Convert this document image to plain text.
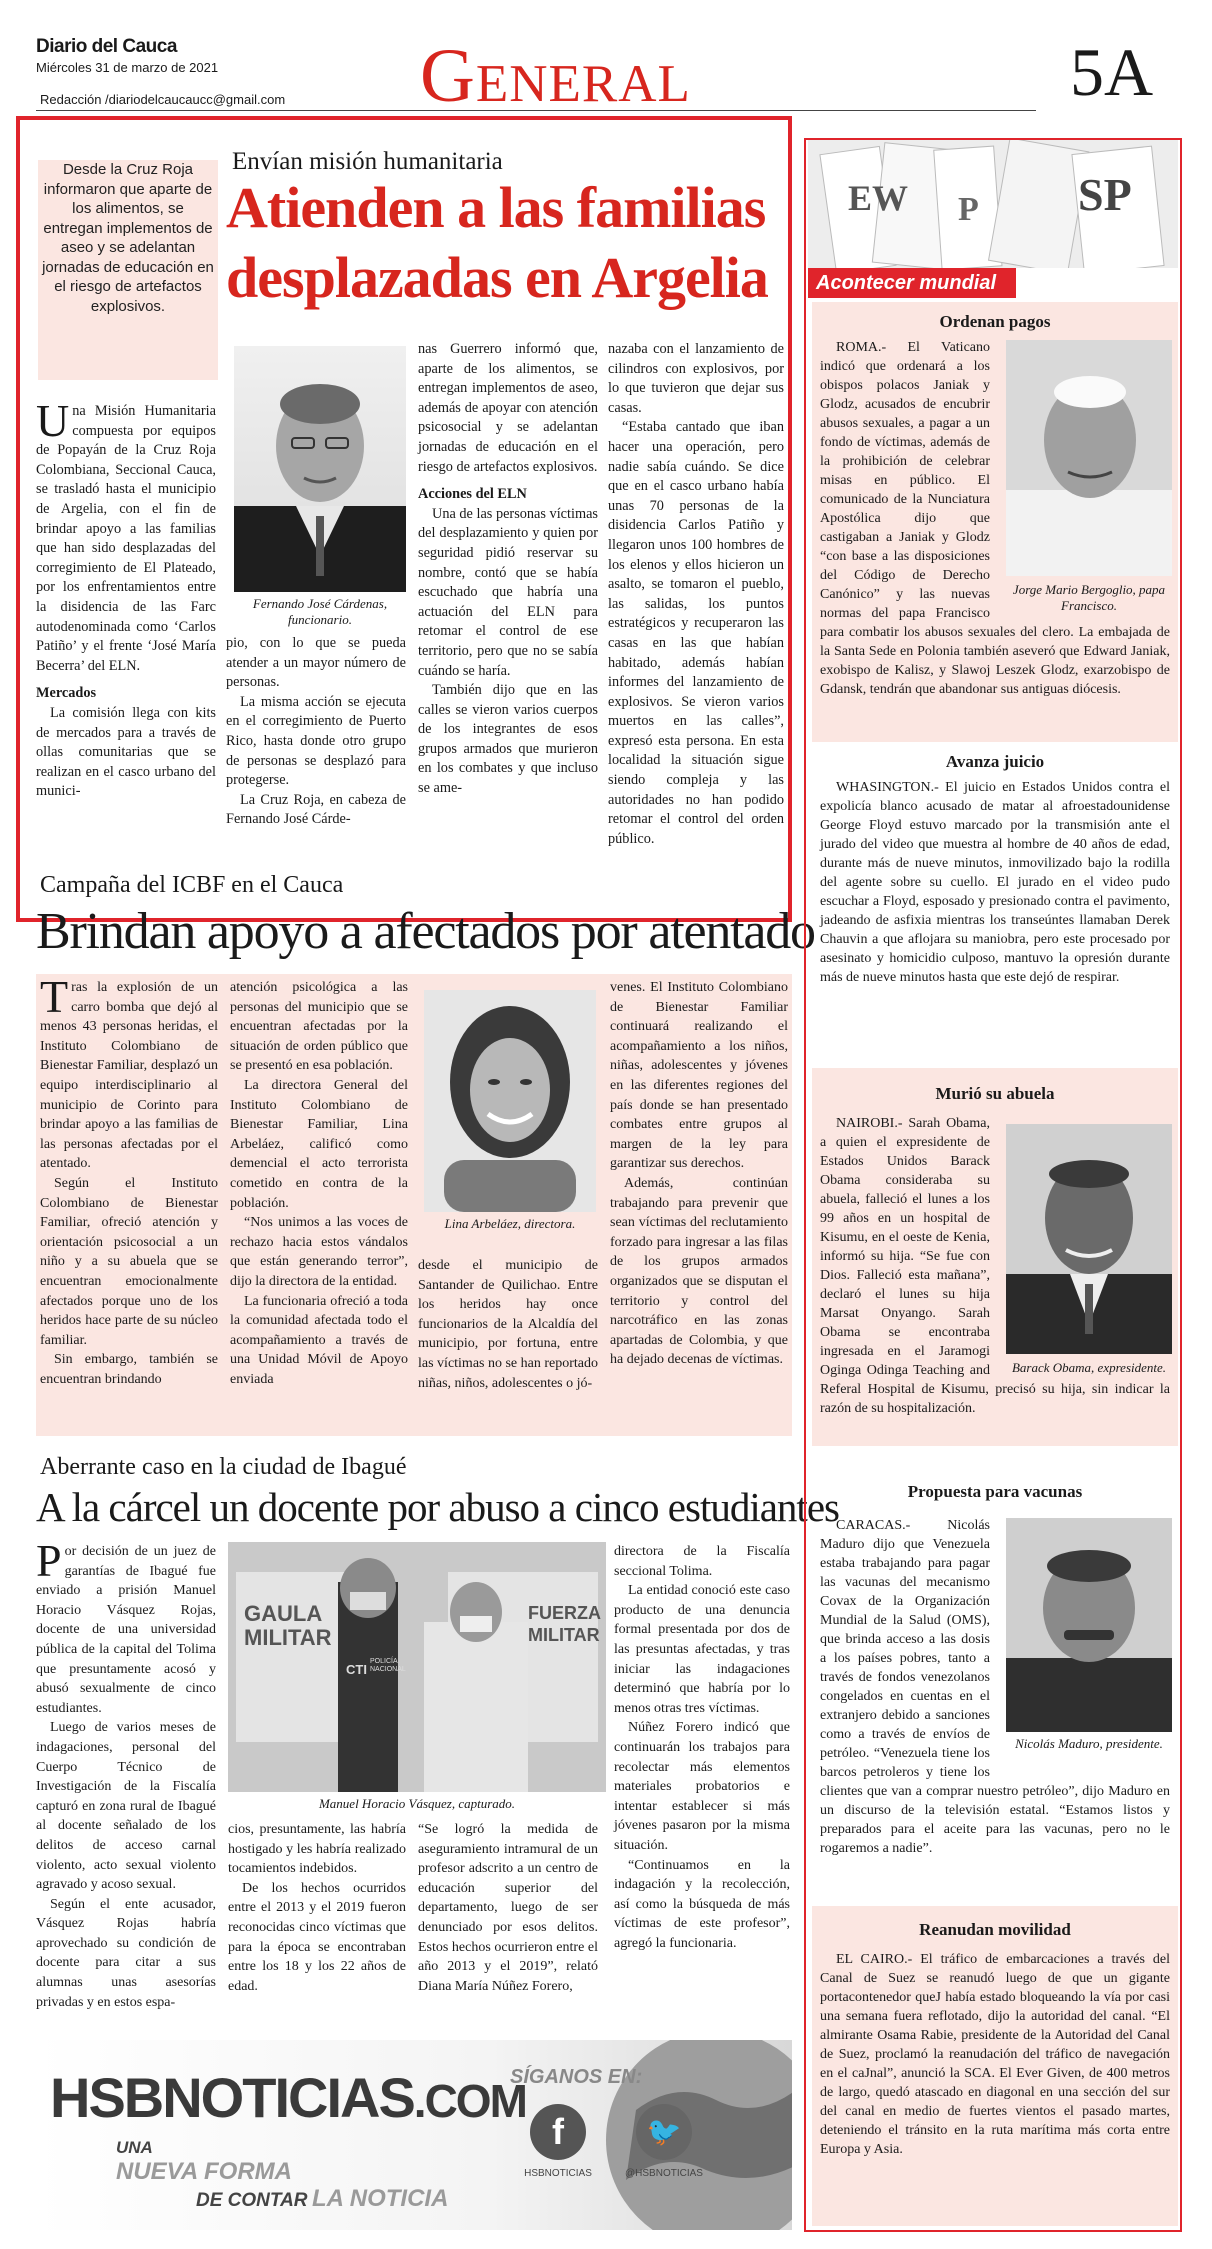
Diario del Cauca
Miércoles 31 de marzo de 2021
Redacción /diariodelcaucaucc@gmail.com General	5A
Desde la Cruz Roja informaron que aparte de los alimentos, se entregan implementos de aseo y se adelantan jornadas de educación en el riesgo de artefactos explosivos.
Envían misión humanitaria
Atienden a las familias
desplazadas en Argelia

Una Misión Humanitaria compuesta por equipos de Popayán de la Cruz Roja Colombiana, Seccional Cauca, se trasladó hasta el municipio de Argelia, con el fin de brindar apoyo a las familias que han sido desplazadas del corregimiento de El Plateado, por los enfrentamientos entre la disidencia de las Farc autodenominada como ‘Carlos Patiño’ y el frente ‘José María Becerra’ del ELN.

Mercados

La comisión llega con kits de mercados para a través de ollas comunitarias que se realizan en el casco urbano del munici-

Fernando José Cárdenas, funcionario.

pio, con lo que se pueda atender a un mayor número de personas.

La misma acción se ejecuta en el corregimiento de Puerto Rico, hasta donde otro grupo de personas se desplazó para protegerse.

La Cruz Roja, en cabeza de Fernando José Cárde-

nas Guerrero informó que, aparte de los alimentos, se entregan implementos de aseo, además de apoyar con atención psicosocial y se adelantan jornadas de educación en el riesgo de artefactos explosivos.

Acciones del ELN

Una de las personas víctimas del desplazamiento y quien por seguridad pidió reservar su nombre, contó que se había escuchado que habría una actuación del ELN para retomar el control de ese territorio, pero que no se sabía cuándo se haría.

También dijo que en las calles se vieron varios cuerpos de los integrantes de esos grupos armados que murieron en los combates y que incluso se ame-

nazaba con el lanzamiento de cilindros con explosivos, por lo que tuvieron que dejar sus casas.

“Estaba cantado que iban hacer una operación, pero nadie sabía cuándo. Se dice que en el casco urbano había unas 70 personas de la disidencia Carlos Patiño y llegaron unos 100 hombres de los elenos y ellos hicieron un asalto, se tomaron el pueblo, las salidas, los puntos estratégicos y recuperaron las casas en las que habían habitado, además habían informes del lanzamiento de explosivos. Se vieron varios muertos en las calles”, expresó esta persona. En esta localidad la situación sigue siendo compleja y las autoridades no han podido retomar el control del orden público.

Campaña del ICBF en el Cauca
Brindan apoyo a afectados por atentado

Tras la explosión de un carro bomba que dejó al menos 43 personas heridas, el Instituto Colombiano de Bienestar Familiar, desplazó un equipo interdisciplinario al municipio de Corinto para brindar apoyo a las familias de las personas afectadas por el atentado.

Según el Instituto Colombiano de Bienestar Familiar, ofreció atención y orientación psicosocial a un niño y a su abuela que se encuentran emocionalmente afectados porque uno de los heridos hace parte de su núcleo familiar.

Sin embargo, también se encuentran brindando

atención psicológica a las personas del municipio que se encuentran afectadas por la situación de orden público que se presentó en esa población.

La directora General del Instituto Colombiano de Bienestar Familiar, Lina Arbeláez, calificó como demencial el acto terrorista cometido en contra de la población.

“Nos unimos a las voces de rechazo hacia estos vándalos que están generando terror”, dijo la directora de la entidad.

La funcionaria ofreció a toda la comunidad afectada todo el acompañamiento a través de una Unidad Móvil de Apoyo enviada

Lina Arbeláez, directora.

desde el municipio de Santander de Quilichao. Entre los heridos hay once funcionarios de la Alcaldía del municipio, por fortuna, entre las víctimas no se han reportado niñas, niños, adolescentes o jó-

venes. El Instituto Colombiano de Bienestar Familiar continuará realizando el acompañamiento a los niños, niñas, adolescentes y jóvenes en las diferentes regiones del país donde se han presentado combates entre grupos al margen de la ley para garantizar sus derechos.

Además, continúan trabajando para prevenir que sean víctimas del reclutamiento forzado para ingresar a las filas de los grupos armados organizados que se disputan el territorio y control del narcotráfico en las zonas apartadas de Colombia, y que ha dejado decenas de víctimas.

Aberrante caso en la ciudad de Ibagué
A la cárcel un docente por abuso a cinco estudiantes

Por decisión de un juez de garantías de Ibagué fue enviado a prisión Manuel Horacio Vásquez Rojas, docente de una universidad pública de la capital del Tolima que presuntamente acosó y abusó sexualmente de cinco estudiantes.

Luego de varios meses de indagaciones, personal del Cuerpo Técnico de Investigación de la Fiscalía capturó en zona rural de Ibagué al docente señalado de los delitos de acceso carnal violento, acto sexual violento agravado y acoso sexual.

Según el ente acusador, Vásquez Rojas habría aprovechado su condición de docente para citar a sus alumnas unas asesorías privadas y en estos espa-

GAULA MILITAR
FUERZA MILITAR
CTI
POLICÍA NACIONAL
Manuel Horacio Vásquez, capturado.

cios, presuntamente, las habría hostigado y les habría realizado tocamientos indebidos.

De los hechos ocurridos entre el 2013 y el 2019 fueron reconocidas cinco víctimas que para la época se encontraban entre los 18 y los 22 años de edad.

“Se logró la medida de aseguramiento intramural de un profesor adscrito a un centro de educación superior del departamento, luego de ser denunciado por esos delitos. Estos hechos ocurrieron entre el año 2013 y el 2019”, relató Diana María Núñez Forero,

directora de la Fiscalía seccional Tolima.

La entidad conoció este caso producto de una denuncia formal presentada por dos de las presuntas afectadas, y tras iniciar las indagaciones determinó que habría por lo menos otras tres víctimas.

Núñez Forero indicó que continuarán los trabajos para recolectar más elementos materiales probatorios e intentar establecer si más jóvenes pasaron por la misma situación.

“Continuamos en la indagación y la recolección, así como la búsqueda de más víctimas de este profesor”, agregó la funcionaria.

HSBNOTICIAS.COM
UNA
NUEVA FORMA
DE CONTAR LA NOTICIA
SÍGANOS EN:
f	🐦
HSBNOTICIAS	@HSBNOTICIAS
EW P SP
Acontecer mundial
Ordenan pagos
Jorge Mario Bergoglio, papa Francisco.

ROMA.- El Vaticano indicó que ordenará a los obispos polacos Janiak y Glodz, acusados de encubrir abusos sexuales, a pagar a un fondo de víctimas, además de la prohibición de celebrar misas en público. El comunicado de la Nunciatura Apostólica dijo que castigaban a Janiak y Glodz “con base a las disposiciones del Código de Derecho Canónico” y las nuevas normas del papa Francisco para combatir los abusos sexuales del clero. La embajada de la Santa Sede en Polonia también aseveró que Edward Janiak, exobispo de Kalisz, y Slawoj Leszek Glodz, exarzobispo de Gdansk, tendrán que abandonar sus antiguas diócesis.

Avanza juicio
WHASINGTON.- El juicio en Estados Unidos contra el expolicía blanco acusado de matar al afroestadounidense George Floyd estuvo marcado por la transmisión ante el jurado del video que muestra al hombre de 40 años de edad, durante más de nueve minutos, inmovilizado bajo la rodilla del agente sobre su cuello. El jurado en el video pudo escuchar a Floyd, esposado y presionado contra el pavimento, jadeando de asfixia mientras los transeúntes llamaban Derek Chauvin a que aflojara su maniobra, pero este procesado por asesinato y homicidio culposo, mantuvo la opresión durante más de nueve minutos hasta que este dejó de respirar.
Murió su abuela
Barack Obama, expresidente.

NAIROBI.- Sarah Obama, a quien el expresidente de Estados Unidos Barack Obama consideraba su abuela, falleció el lunes a los 99 años en un hospital de Kisumu, en el oeste de Kenia, informó su hija. “Se fue con Dios. Falleció esta mañana”, declaró el lunes su hija Marsat Onyango. Sarah Obama se encontraba ingresada en el Jaramogi Oginga Odinga Teaching and Referal Hospital de Kisumu, precisó su hija, sin indicar la razón de su hospitalización.

Propuesta para vacunas
Nicolás Maduro, presidente.

CARACAS.- Nicolás Maduro dijo que Venezuela estaba trabajando para pagar las vacunas del mecanismo Covax de la Organización Mundial de la Salud (OMS), que brinda acceso a las dosis a los países pobres, tanto a través de fondos venezolanos congelados en cuentas en el extranjero debido a sanciones como a través de envíos de petróleo. “Venezuela tiene los barcos petroleros y tiene los clientes que van a comprar nuestro petróleo”, dijo Maduro en un discurso de la televisión estatal. “Estamos listos y preparados para el aceite para las vacunas, pero no le rogaremos a nadie”.

Reanudan movilidad
EL CAIRO.- El tráfico de embarcaciones a través del Canal de Suez se reanudó luego de que un gigante portacontenedor queJ había estado bloqueando la vía por casi una semana fuera reflotado, dijo la autoridad del canal. “El almirante Osama Rabie, presidente de la Autoridad del Canal de Suez, proclamó la reanudación del tráfico de navegación en el caJnal”, anunció la SCA. El Ever Given, de 400 metros de largo, quedó atascado en diagonal en una sección del sur del canal en medio de fuertes vientos el pasado martes, deteniendo el tránsito en la ruta marítima más corta entre Europa y Asia.
